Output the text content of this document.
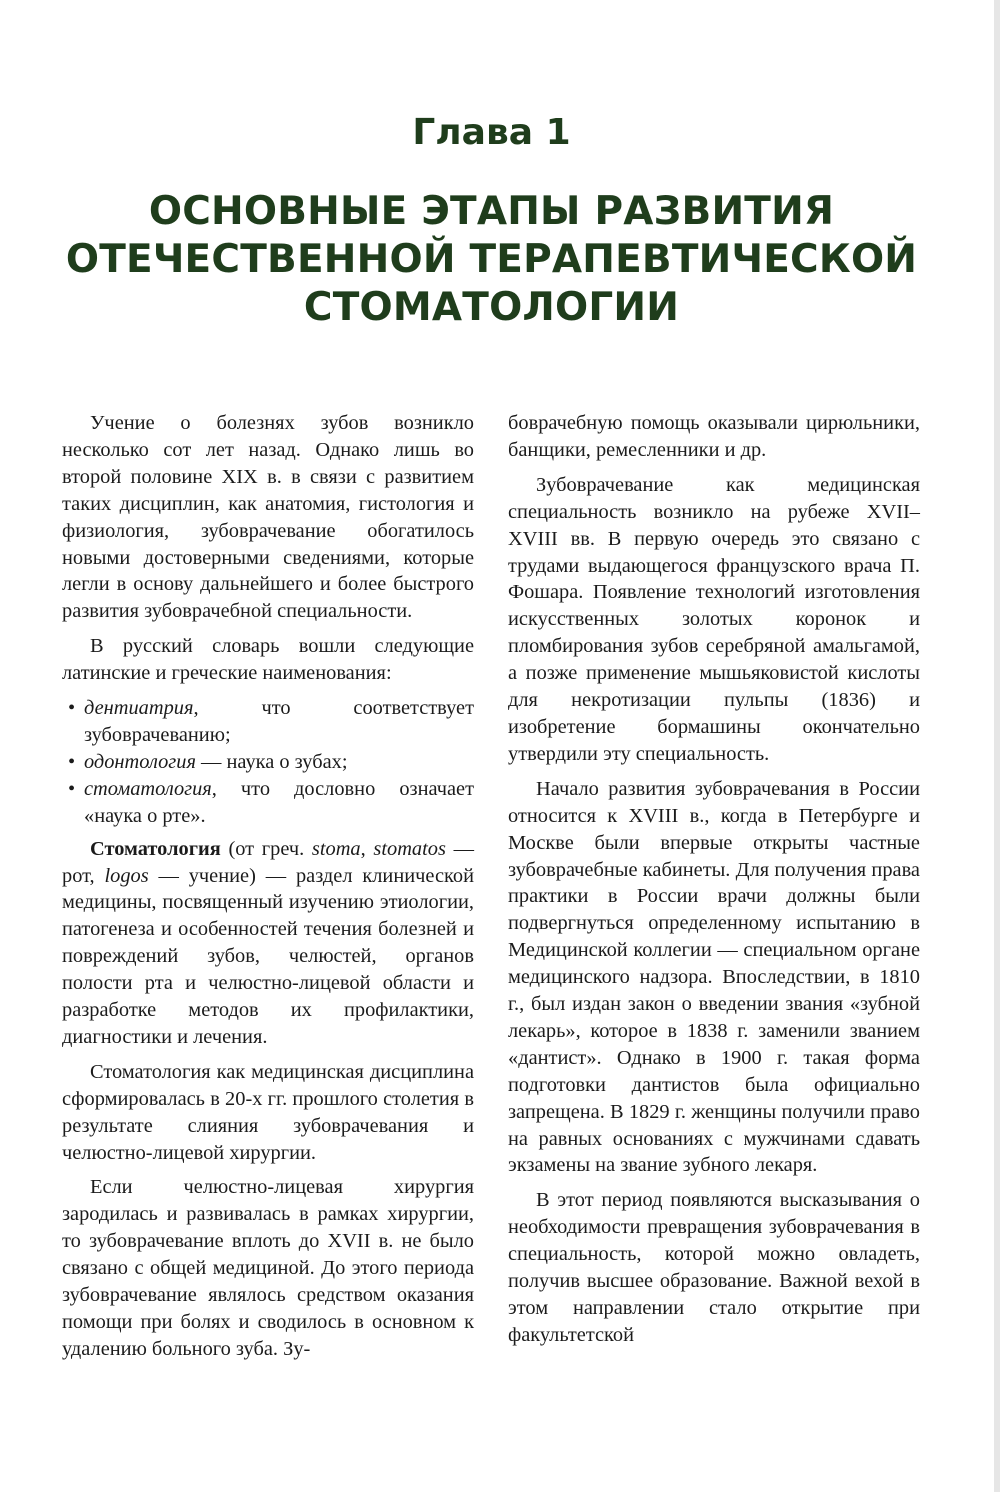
Глава 1
ОСНОВНЫЕ ЭТАПЫ РАЗВИТИЯ ОТЕЧЕСТВЕННОЙ ТЕРАПЕВТИЧЕСКОЙ СТОМАТОЛОГИИ

Учение о болезнях зубов возникло несколько сот лет назад. Однако лишь во второй половине XIX в. в связи с развитием таких дисциплин, как анатомия, гистология и физиология, зубоврачевание обогатилось новыми достоверными сведениями, которые легли в основу дальнейшего и более быстрого развития зубоврачебной специальности.

В русский словарь вошли следующие латинские и греческие наименования:

• дентиатрия, что соответствует зубоврачеванию;
• одонтология — наука о зубах;
• стоматология, что дословно означает «наука о рте».

Стоматология (от греч. stoma, stomatos — рот, logos — учение) — раздел клинической медицины, посвященный изучению этиологии, патогенеза и особенностей течения болезней и повреждений зубов, челюстей, органов полости рта и челюстно-лицевой области и разработке методов их профилактики, диагностики и лечения.

Стоматология как медицинская дисциплина сформировалась в 20-х гг. прошлого столетия в результате слияния зубоврачевания и челюстно-лицевой хирургии.

Если челюстно-лицевая хирургия зародилась и развивалась в рамках хирургии, то зубоврачевание вплоть до XVII в. не было связано с общей медициной. До этого периода зубоврачевание являлось средством оказания помощи при болях и сводилось в основном к удалению больного зуба. Зу-

боврачебную помощь оказывали цирюльники, банщики, ремесленники и др.

Зубоврачевание как медицинская специальность возникло на рубеже XVII–XVIII вв. В первую очередь это связано с трудами выдающегося французского врача П. Фошара. Появление технологий изготовления искусственных золотых коронок и пломбирования зубов серебряной амальгамой, а позже применение мышьяковистой кислоты для некротизации пульпы (1836) и изобретение бормашины окончательно утвердили эту специальность.

Начало развития зубоврачевания в России относится к XVIII в., когда в Петербурге и Москве были впервые открыты частные зубоврачебные кабинеты. Для получения права практики в России врачи должны были подвергнуться определенному испытанию в Медицинской коллегии — специальном органе медицинского надзора. Впоследствии, в 1810 г., был издан закон о введении звания «зубной лекарь», которое в 1838 г. заменили званием «дантист». Однако в 1900 г. такая форма подготовки дантистов была официально запрещена. В 1829 г. женщины получили право на равных основаниях с мужчинами сдавать экзамены на звание зубного лекаря.

В этот период появляются высказывания о необходимости превращения зубоврачевания в специальность, которой можно овладеть, получив высшее образование. Важной вехой в этом направлении стало открытие при факультетской
